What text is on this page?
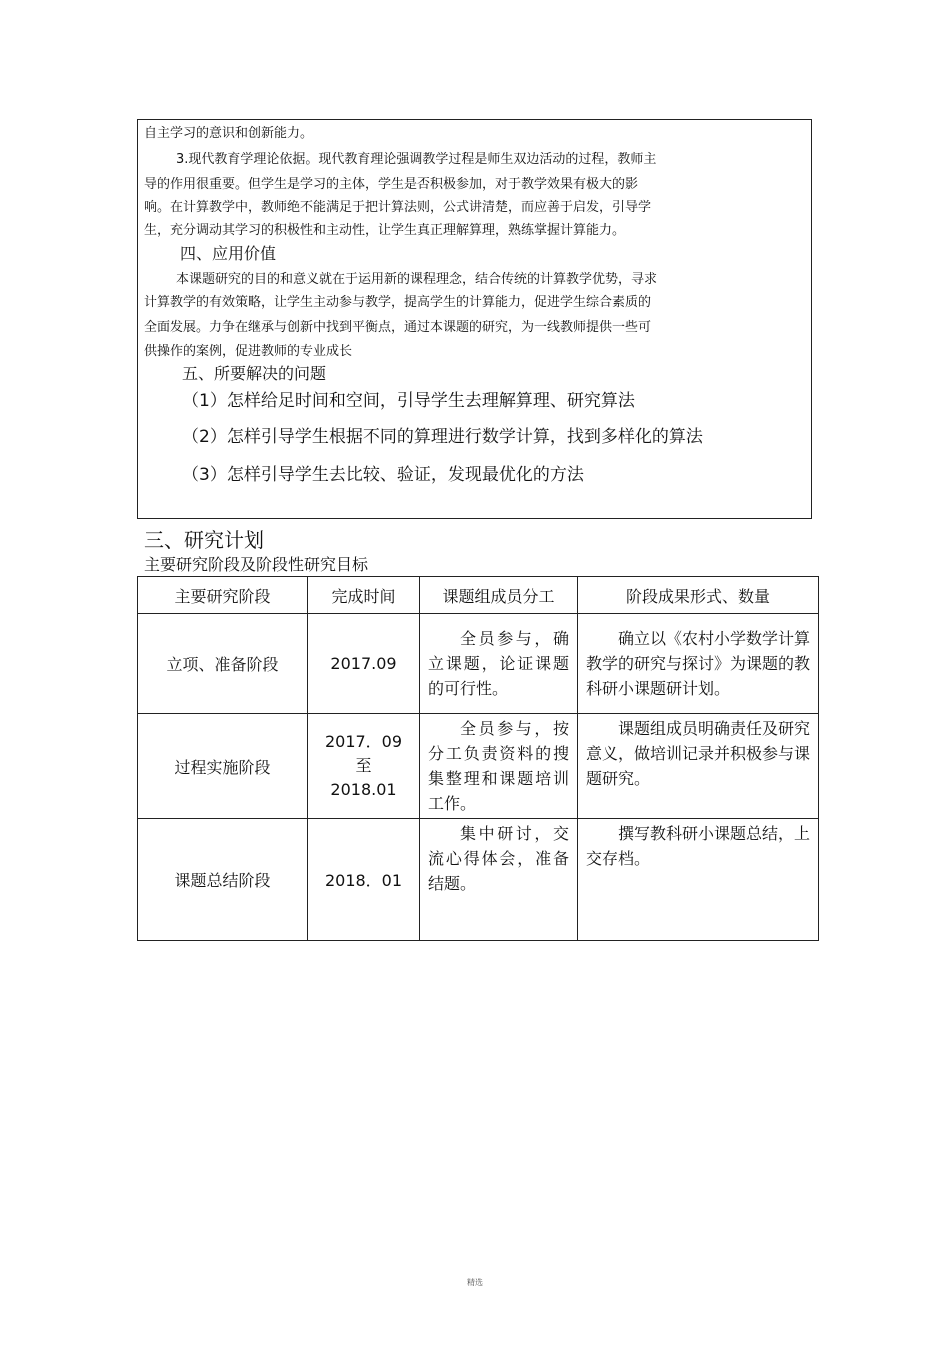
自主学习的意识和创新能力。
3.现代教育学理论依据。现代教育理论强调教学过程是师生双边活动的过程，教师主
导的作用很重要。但学生是学习的主体，学生是否积极参加，对于教学效果有极大的影
响。在计算教学中，教师绝不能满足于把计算法则，公式讲清楚，而应善于启发，引导学
生，充分调动其学习的积极性和主动性，让学生真正理解算理，熟练掌握计算能力。
四、应用价值
本课题研究的目的和意义就在于运用新的课程理念，结合传统的计算教学优势，寻求
计算教学的有效策略，让学生主动参与教学，提高学生的计算能力，促进学生综合素质的
全面发展。力争在继承与创新中找到平衡点，通过本课题的研究，为一线教师提供一些可
供操作的案例，促进教师的专业成长
五、所要解决的问题
（1）怎样给足时间和空间，引导学生去理解算理、研究算法
（2）怎样引导学生根据不同的算理进行数学计算，找到多样化的算法
（3）怎样引导学生去比较、验证，发现最优化的方法
三、研究计划
主要研究阶段及阶段性研究目标
主要研究阶段	完成时间	课题组成员分工	阶段成果形式、数量
立项、准备阶段	2017.09	全员参与，确立课题，论证课题的可行性。	确立以《农村小学数学计算教学的研究与探讨》为课题的教科研小课题研计划。

过程实施阶段	2017．09
至
2018.01	全员参与，按分工负责资料的搜集整理和课题培训工作。	课题组成员明确责任及研究意义，做培训记录并积极参与课题研究。

课题总结阶段	2018．01	集中研讨，交流心得体会，准备结题。	撰写教科研小课题总结，上交存档。
精选
